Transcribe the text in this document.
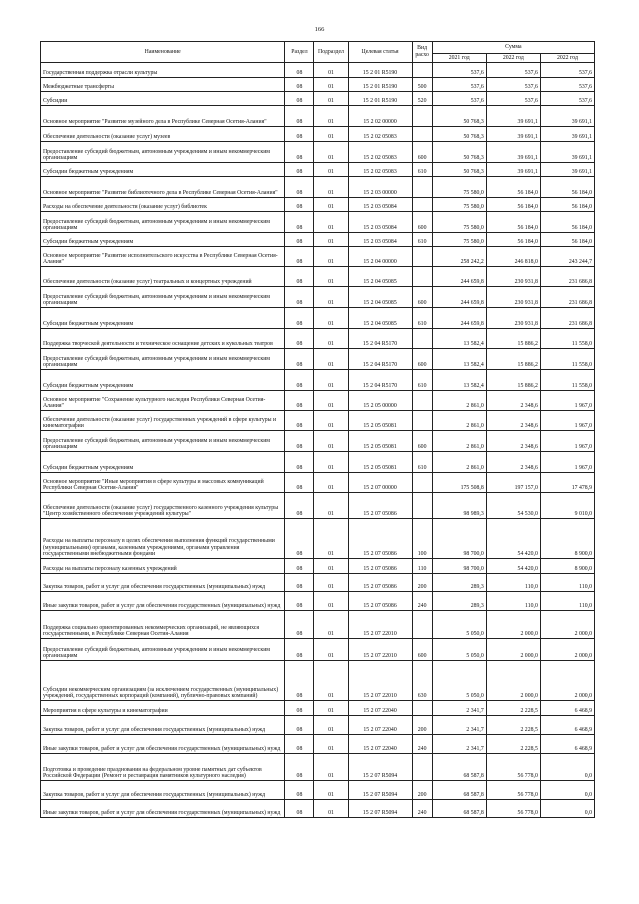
166
Наименование	Раздел	Подраздел	Целевая статья	Вид расхо	Сумма		
					2021 год	2022 год	2022 год
Государственная поддержка отрасли культуры	08	01	15 2 01 R5190		537,6	537,6	537,6
Межбюджетные трансферты	08	01	15 2 01 R5190	500	537,6	537,6	537,6
Субсидии	08	01	15 2 01 R5190	520	537,6	537,6	537,6
Основное мероприятие "Развитие музейного дела в Республике Северная Осетия-Алания"	08	01	15 2 02 00000		50 768,3	39 691,1	39 691,1
Обеспечение деятельности (оказание услуг) музеев	08	01	15 2 02 05083		50 768,3	39 691,1	39 691,1
Предоставление субсидий бюджетным, автономным учреждениям и иным некоммерческим организациям	08	01	15 2 02 05083	600	50 768,3	39 691,1	39 691,1
Субсидии бюджетным учреждениям	08	01	15 2 02 05083	610	50 768,3	39 691,1	39 691,1
Основное мероприятие "Развитие библиотечного дела в Республике Северная Осетия-Алания"	08	01	15 2 03 00000		75 580,0	56 184,0	56 184,0
Расходы на обеспечение деятельности (оказание услуг) библиотек	08	01	15 2 03 05084		75 580,0	56 184,0	56 184,0
Предоставление субсидий бюджетным, автономным учреждениям и иным некоммерческим организациям	08	01	15 2 03 05084	600	75 580,0	56 184,0	56 184,0
Субсидии бюджетным учреждениям	08	01	15 2 03 05084	610	75 580,0	56 184,0	56 184,0
Основное мероприятие "Развитие исполнительского искусства в Республике Северная Осетия-Алания"	08	01	15 2 04 00000		258 242,2	246 818,0	243 244,7
Обеспечение деятельности (оказание услуг) театральных и концертных учреждений	08	01	15 2 04 05085		244 659,8	230 931,8	231 686,8
Предоставление субсидий бюджетным, автономным учреждениям и иным некоммерческим организациям	08	01	15 2 04 05085	600	244 659,8	230 931,8	231 686,8
Субсидии бюджетным учреждениям	08	01	15 2 04 05085	610	244 659,8	230 931,8	231 686,8
Поддержка творческой деятельности и техническое оснащение детских и кукольных театров	08	01	15 2 04 R5170		13 582,4	15 886,2	11 558,0
Предоставление субсидий бюджетным, автономным учреждениям и иным некоммерческим организациям	08	01	15 2 04 R5170	600	13 582,4	15 886,2	11 558,0
Субсидии бюджетным учреждениям	08	01	15 2 04 R5170	610	13 582,4	15 886,2	11 558,0
Основное мероприятие "Сохранение культурного наследия Республики Северная Осетия-Алания"	08	01	15 2 05 00000		2 861,0	2 348,6	1 967,0
Обеспечение деятельности (оказание услуг) государственных учреждений в сфере культуры и кинематографии	08	01	15 2 05 05081		2 861,0	2 348,6	1 967,0
Предоставление субсидий бюджетным, автономным учреждениям и иным некоммерческим организациям	08	01	15 2 05 05081	600	2 861,0	2 348,6	1 967,0
Субсидии бюджетным учреждениям	08	01	15 2 05 05081	610	2 861,0	2 348,6	1 967,0
Основное мероприятие "Иные мероприятия в сфере культуры и массовых коммуникаций Республики Северная Осетия-Алания"	08	01	15 2 07 00000		175 508,8	197 157,0	17 478,9
Обеспечение деятельности (оказание услуг) государственного казенного учреждения культуры "Центр хозяйственного обеспечения учреждений культуры"	08	01	15 2 07 05086		98 989,3	54 530,0	9 010,0
Расходы на выплаты персоналу в целях обеспечения выполнения функций государственными (муниципальными) органами, казенными учреждениями, органами управления государственными внебюджетными фондами	08	01	15 2 07 05086	100	98 700,0	54 420,0	8 900,0
Расходы на выплаты персоналу казенных учреждений	08	01	15 2 07 05086	110	98 700,0	54 420,0	8 900,0
Закупка товаров, работ и услуг для обеспечения государственных (муниципальных) нужд	08	01	15 2 07 05086	200	289,3	110,0	110,0
Иные закупки товаров, работ и услуг для обеспечения государственных (муниципальных) нужд	08	01	15 2 07 05086	240	289,3	110,0	110,0
Поддержка социально ориентированных некоммерческих организаций, не являющихся государственными, в Республике Северная Осетия-Алания	08	01	15 2 07 22010		5 050,0	2 000,0	2 000,0
Предоставление субсидий бюджетным, автономным учреждениям и иным некоммерческим организациям	08	01	15 2 07 22010	600	5 050,0	2 000,0	2 000,0
Субсидии некоммерческим организациям (за исключением государственных (муниципальных) учреждений, государственных корпораций (компаний), публично-правовых компаний)	08	01	15 2 07 22010	630	5 050,0	2 000,0	2 000,0
Мероприятия в сфере культуры и кинематографии	08	01	15 2 07 22040		2 341,7	2 228,5	6 468,9
Закупка товаров, работ и услуг для обеспечения государственных (муниципальных) нужд	08	01	15 2 07 22040	200	2 341,7	2 228,5	6 468,9
Иные закупки товаров, работ и услуг для обеспечения государственных (муниципальных) нужд	08	01	15 2 07 22040	240	2 341,7	2 228,5	6 468,9
Подготовка и проведение празднования на федеральном уровне памятных дат субъектов Российской Федерации (Ремонт и реставрация памятников культурного наследия)	08	01	15 2 07 R5094		68 587,8	56 778,0	0,0
Закупка товаров, работ и услуг для обеспечения государственных (муниципальных) нужд	08	01	15 2 07 R5094	200	68 587,8	56 778,0	0,0
Иные закупки товаров, работ и услуг для обеспечения государственных (муниципальных) нужд	08	01	15 2 07 R5094	240	68 587,8	56 778,0	0,0
